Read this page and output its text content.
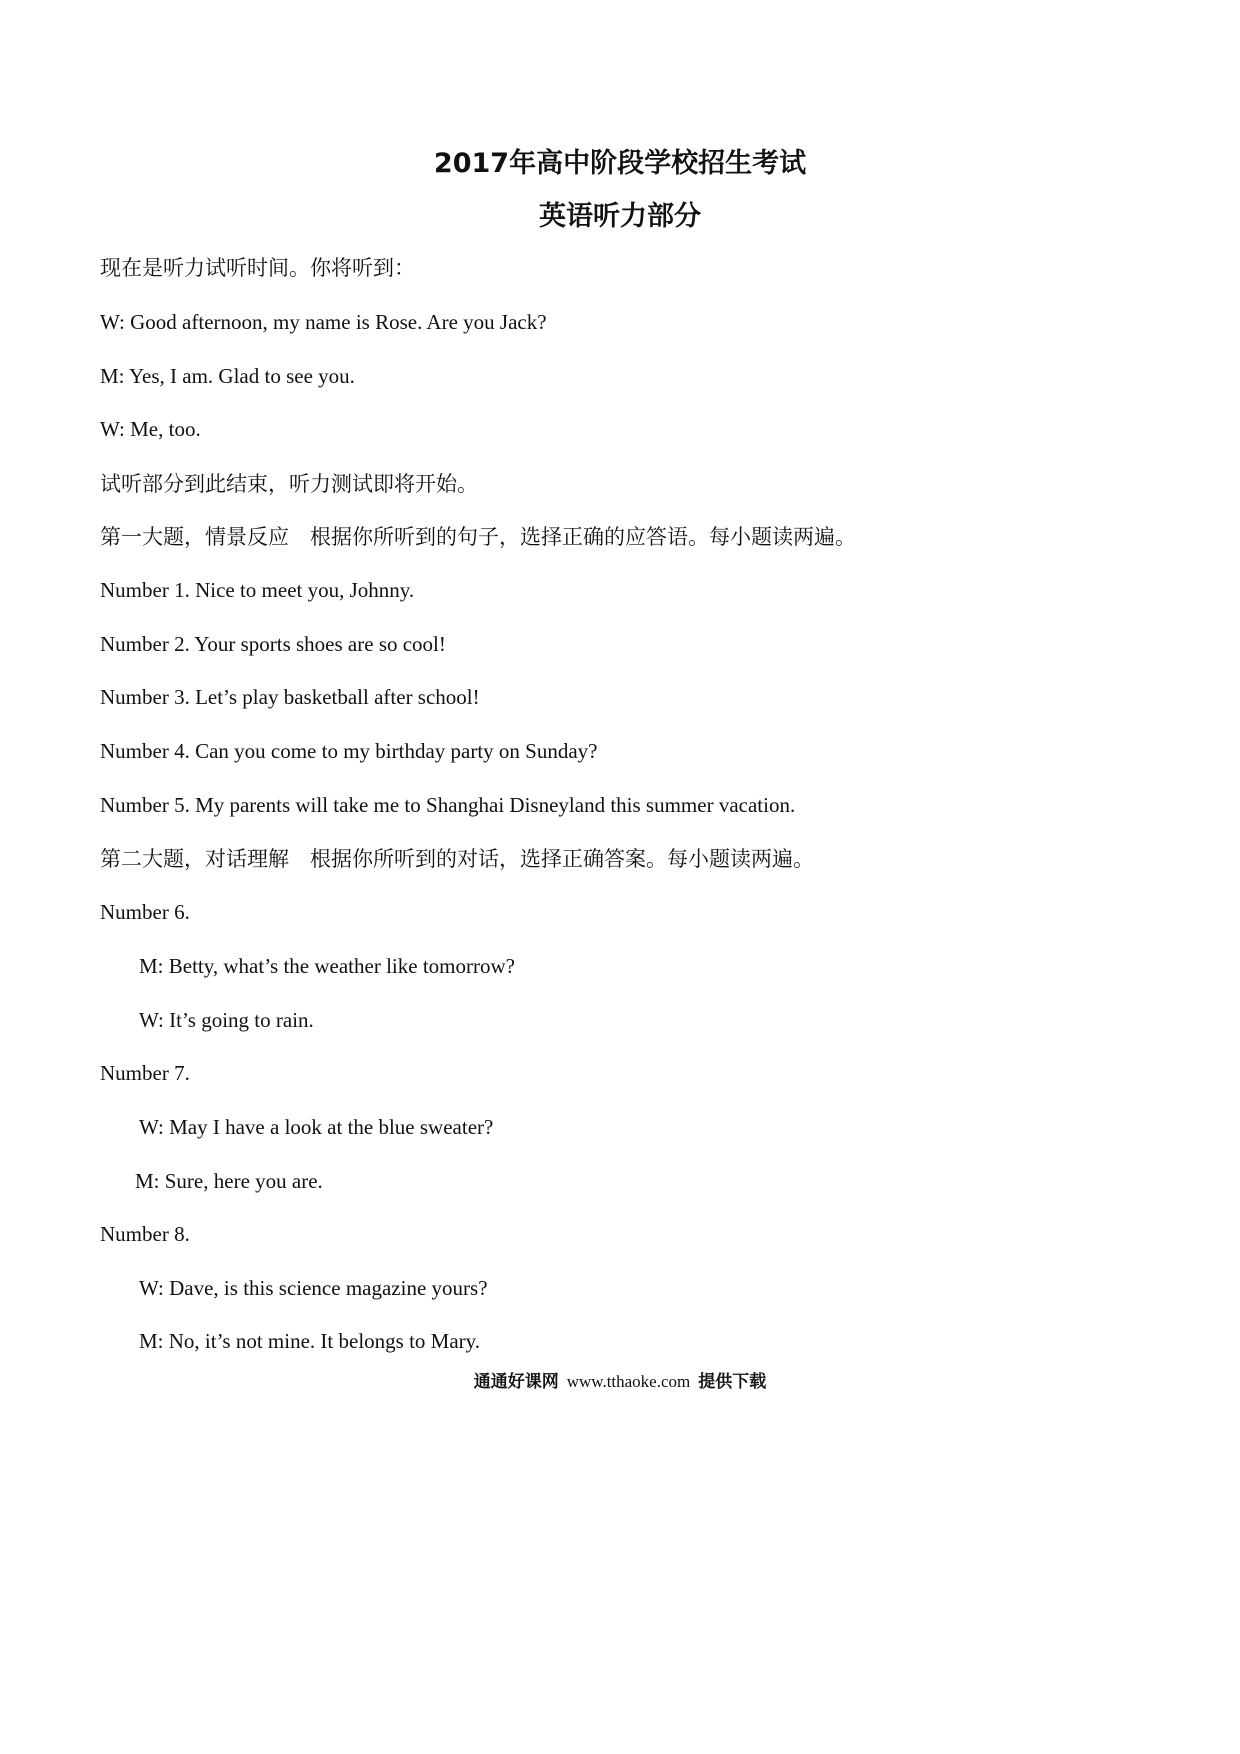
2017年高中阶段学校招生考试
英语听力部分
现在是听力试听时间。你将听到：
W: Good afternoon, my name is Rose. Are you Jack?
M: Yes, I am. Glad to see you.
W: Me, too.
试听部分到此结束，听力测试即将开始。
第一大题，情景反应　根据你所听到的句子，选择正确的应答语。每小题读两遍。
Number 1. Nice to meet you, Johnny.
Number 2. Your sports shoes are so cool!
Number 3. Let’s play basketball after school!
Number 4. Can you come to my birthday party on Sunday?
Number 5. My parents will take me to Shanghai Disneyland this summer vacation.
第二大题，对话理解　根据你所听到的对话，选择正确答案。每小题读两遍。
Number 6.
M: Betty, what’s the weather like tomorrow?
W: It’s going to rain.
Number 7.
W: May I have a look at the blue sweater?
M: Sure, here you are.
Number 8.
W: Dave, is this science magazine yours?
M: No, it’s not mine. It belongs to Mary.
通通好课网 www.tthaoke.com 提供下载
